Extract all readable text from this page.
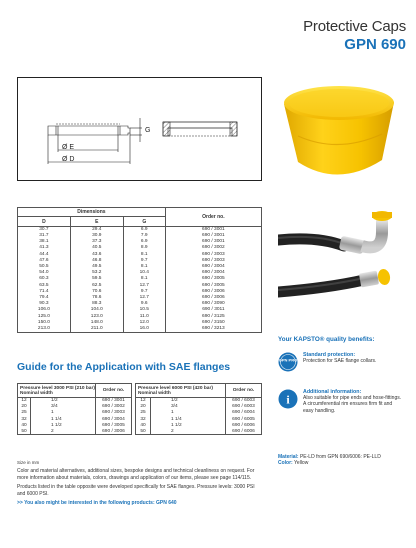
Protective Caps
GPN 690
Ø E
Ø D
G
Dimensions			Order no.
D	E	G	
30.7	29.4	6.9	690 / 3001
31.7	30.9	7.9	690 / 3001
38.1	37.3	6.9	690 / 3001
41.3	40.5	8.9	690 / 3002
44.4	43.6	8.1	690 / 3003
47.6	46.8	9.7	690 / 3003
50.5	49.5	8.1	690 / 3004
54.0	53.2	10.4	690 / 3004
60.3	59.5	8.1	690 / 3005
63.5	62.5	12.7	690 / 3005
71.4	70.6	9.7	690 / 3006
79.4	78.6	12.7	690 / 3006
90.3	88.3	9.6	690 / 3090
106.0	104.0	10.5	690 / 3011
125.0	123.0	11.0	690 / 3125
150.0	148.0	12.0	690 / 3150
213.0	211.0	16.0	690 / 3213
Guide for the Application with SAE flanges
Pressure level 3000 PSI (210 bar) Nominal width		Order no.		Pressure level 6000 PSI (420 bar) Nominal width		Order no.
12	1/2	690 / 3001		12	1/2	690 / 6003
20	3/4	690 / 3002		20	3/4	690 / 6003
25	1	690 / 3003		25	1	690 / 6004
32	1 1/4	690 / 3004		32	1 1/4	690 / 6005
40	1 1/2	690 / 3005		40	1 1/2	690 / 6006
50	2	690 / 3006		50	2	690 / 6006

Size in mm

Color and material alternatives, additional sizes, bespoke designs and technical cleanliness on request. For more information about materials, colors, drawings and application of our items, please see page 114/115.

Products listed in the table opposite were developed specifically for SAE flanges. Pressure levels: 3000 PSI and 6000 PSI.

>> You also might be interested in the following products: GPN 640

Your KAPSTO® quality benefits:
GPN PRO
Standard protection:
Protection for SAE flange collars.
i
Additional information:
Also suitable for pipe ends and hose-fittings. A circumferential rim ensures firm fit and easy handling.
Material: PE-LD from GPN 690/6006: PE-LLD
Color: Yellow
